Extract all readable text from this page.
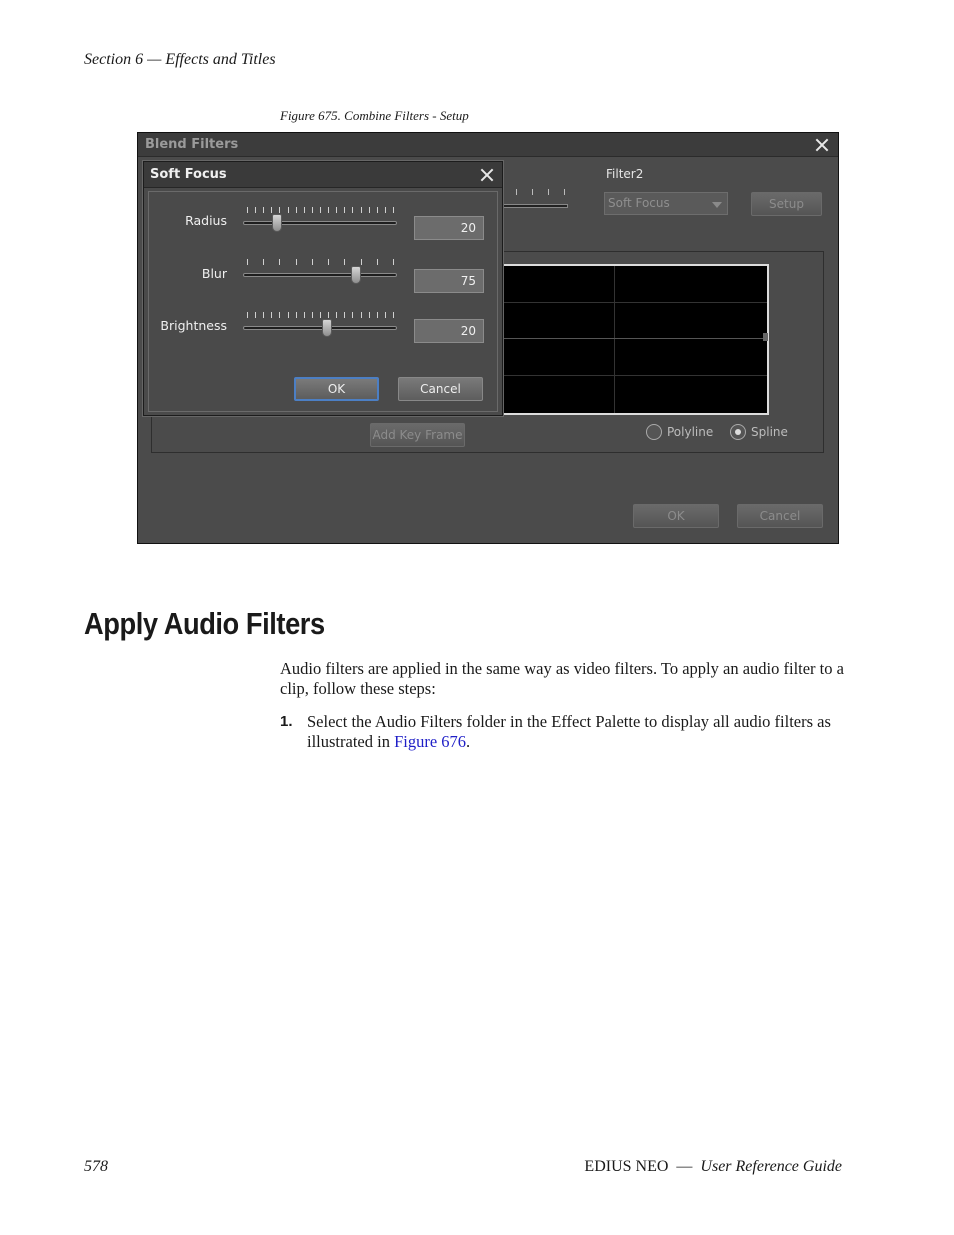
Section 6 — Effects and Titles
Figure 675. Combine Filters - Setup
Blend Filters
Filter2
Soft Focus	Setup
Add Key Frame	Polyline	Spline
OK	Cancel
Soft Focus
Radius	20
Blur	75
Brightness	20
OK	Cancel
Apply Audio Filters
Audio filters are applied in the same way as video filters. To apply an audio filter to a clip, follow these steps:
1. Select the Audio Filters folder in the Effect Palette to display all audio filters as illustrated in Figure 676.
578	EDIUS NEO — User Reference Guide
